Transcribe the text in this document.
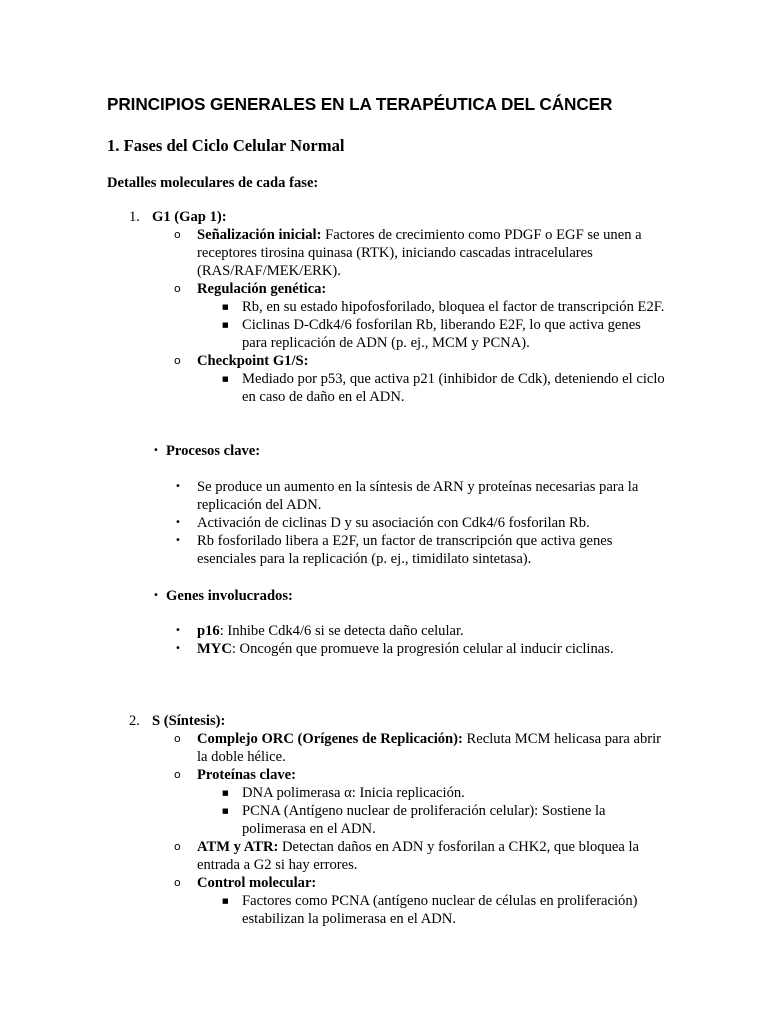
PRINCIPIOS GENERALES EN LA TERAPÉUTICA DEL CÁNCER
1. Fases del Ciclo Celular Normal

Detalles moleculares de cada fase:

1. G1 (Gap 1):
o Señalización inicial: Factores de crecimiento como PDGF o EGF se unen a receptores tirosina quinasa (RTK), iniciando cascadas intracelulares (RAS/RAF/MEK/ERK).
o Regulación genética:
■ Rb, en su estado hipofosforilado, bloquea el factor de transcripción E2F.
■ Ciclinas D-Cdk4/6 fosforilan Rb, liberando E2F, lo que activa genes para replicación de ADN (p. ej., MCM y PCNA).
o Checkpoint G1/S:
■ Mediado por p53, que activa p21 (inhibidor de Cdk), deteniendo el ciclo en caso de daño en el ADN.
• Procesos clave:
• Se produce un aumento en la síntesis de ARN y proteínas necesarias para la replicación del ADN.
• Activación de ciclinas D y su asociación con Cdk4/6 fosforilan Rb.
• Rb fosforilado libera a E2F, un factor de transcripción que activa genes esenciales para la replicación (p. ej., timidilato sintetasa).
• Genes involucrados:
• p16: Inhibe Cdk4/6 si se detecta daño celular.
• MYC: Oncogén que promueve la progresión celular al inducir ciclinas.
2. S (Síntesis):
o Complejo ORC (Orígenes de Replicación): Recluta MCM helicasa para abrir la doble hélice.
o Proteínas clave:
■ DNA polimerasa α: Inicia replicación.
■ PCNA (Antígeno nuclear de proliferación celular): Sostiene la polimerasa en el ADN.
o ATM y ATR: Detectan daños en ADN y fosforilan a CHK2, que bloquea la entrada a G2 si hay errores.
o Control molecular:
■ Factores como PCNA (antígeno nuclear de células en proliferación) estabilizan la polimerasa en el ADN.
